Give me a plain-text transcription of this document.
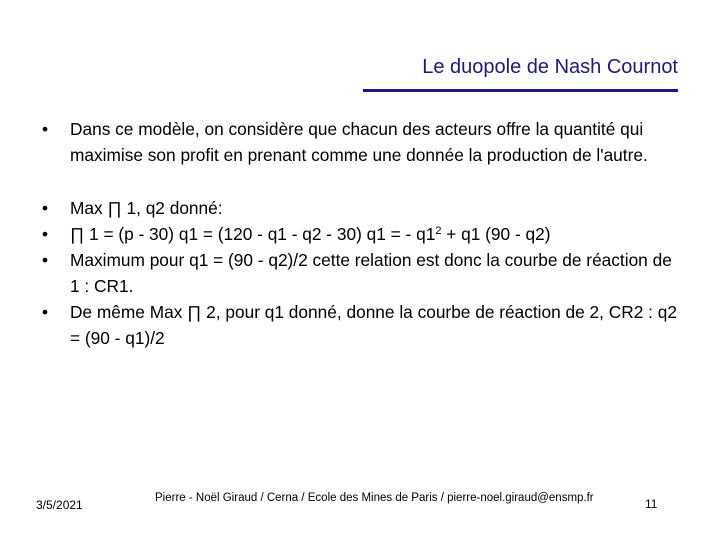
Le duopole de Nash Cournot
• Dans ce modèle, on considère que chacun des acteurs offre la quantité qui maximise son profit en prenant comme une donnée la production de l'autre.
• Max ∏ 1, q2 donné:
• ∏ 1 = (p - 30) q1 = (120 - q1 - q2 - 30) q1 = - $q1^2 + q1$ (90 - q2)
• Maximum pour q1 = (90 - q2)/2 cette relation est donc la courbe de réaction de 1 : CR1.
• De même Max ∏ 2, pour q1 donné, donne la courbe de réaction de 2, CR2 : q2 = (90 - q1)/2
3/5/2021	Pierre - Noël Giraud / Cerna / Ecole des Mines de Paris / pierre-noel.giraud@ensmp.fr	11
